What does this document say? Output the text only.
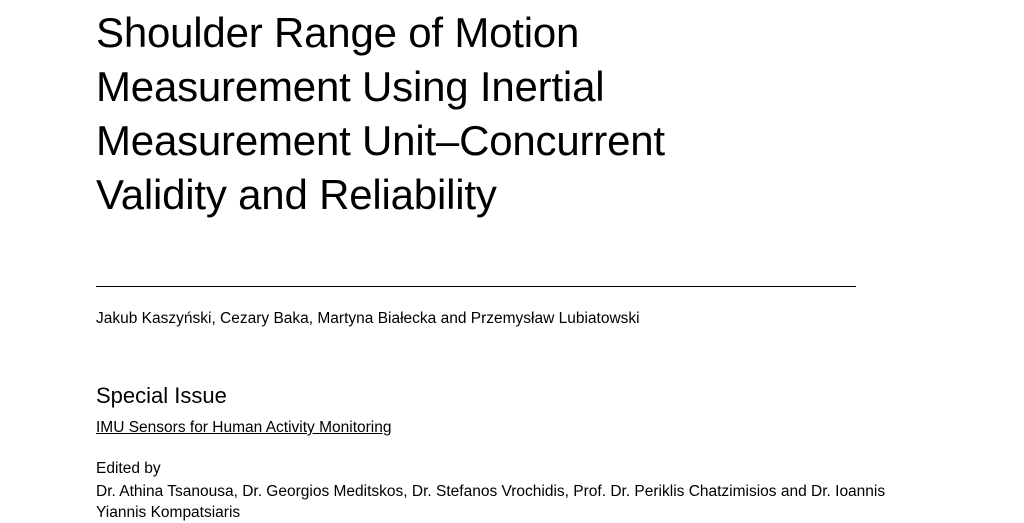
Shoulder Range of Motion Measurement Using Inertial Measurement Unit–Concurrent Validity and Reliability
Jakub Kaszyński, Cezary Baka, Martyna Białecka and Przemysław Lubiatowski
Special Issue
IMU Sensors for Human Activity Monitoring
Edited by
Dr. Athina Tsanousa, Dr. Georgios Meditskos, Dr. Stefanos Vrochidis, Prof. Dr. Periklis Chatzimisios and Dr. Ioannis Yiannis Kompatsiaris
